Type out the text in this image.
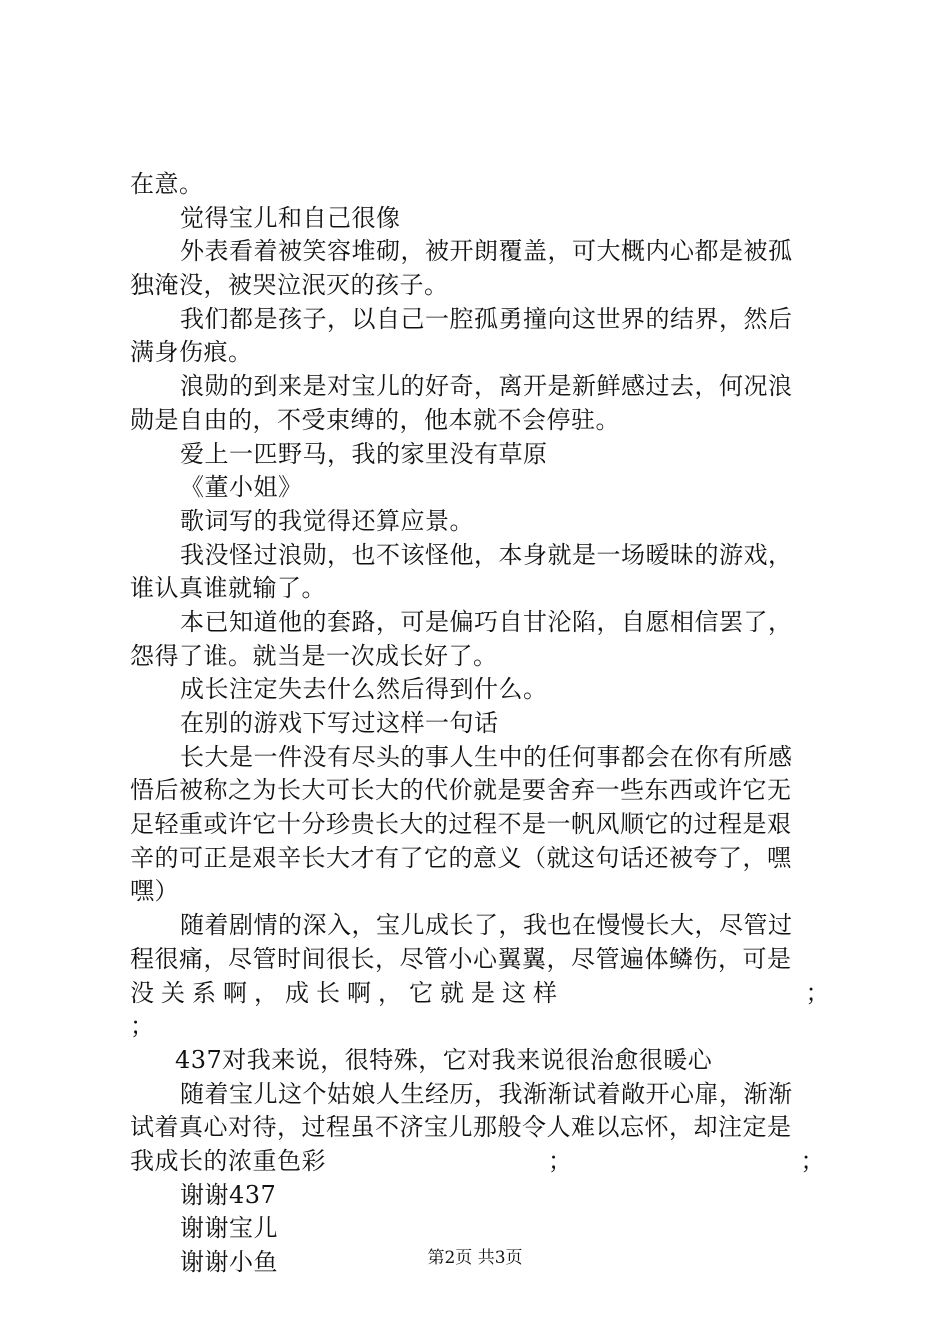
在意。
觉得宝儿和自己很像
外表看着被笑容堆砌，被开朗覆盖，可大概内心都是被孤
独淹没，被哭泣泯灭的孩子。
我们都是孩子，以自己一腔孤勇撞向这世界的结界，然后
满身伤痕。
浪勋的到来是对宝儿的好奇，离开是新鲜感过去，何况浪
勋是自由的，不受束缚的，他本就不会停驻。
爱上一匹野马，我的家里没有草原
《董小姐》
歌词写的我觉得还算应景。
我没怪过浪勋，也不该怪他，本身就是一场暧昧的游戏，
谁认真谁就输了。
本已知道他的套路，可是偏巧自甘沦陷，自愿相信罢了，
怨得了谁。就当是一次成长好了。
成长注定失去什么然后得到什么。
在别的游戏下写过这样一句话
长大是一件没有尽头的事人生中的任何事都会在你有所感
悟后被称之为长大可长大的代价就是要舍弃一些东西或许它无
足轻重或许它十分珍贵长大的过程不是一帆风顺它的过程是艰
辛的可正是艰辛长大才有了它的意义（就这句话还被夸了，嘿
嘿）
随着剧情的深入，宝儿成长了，我也在慢慢长大，尽管过
程很痛，尽管时间很长，尽管小心翼翼，尽管遍体鳞伤，可是
没关系啊，成长啊，它就是这样	；
；
437对我来说，很特殊，它对我来说很治愈很暖心
随着宝儿这个姑娘人生经历，我渐渐试着敞开心扉，渐渐
试着真心对待，过程虽不济宝儿那般令人难以忘怀，却注定是
我成长的浓重色彩	；	；
谢谢437
谢谢宝儿
谢谢小鱼	第2页 共3页
